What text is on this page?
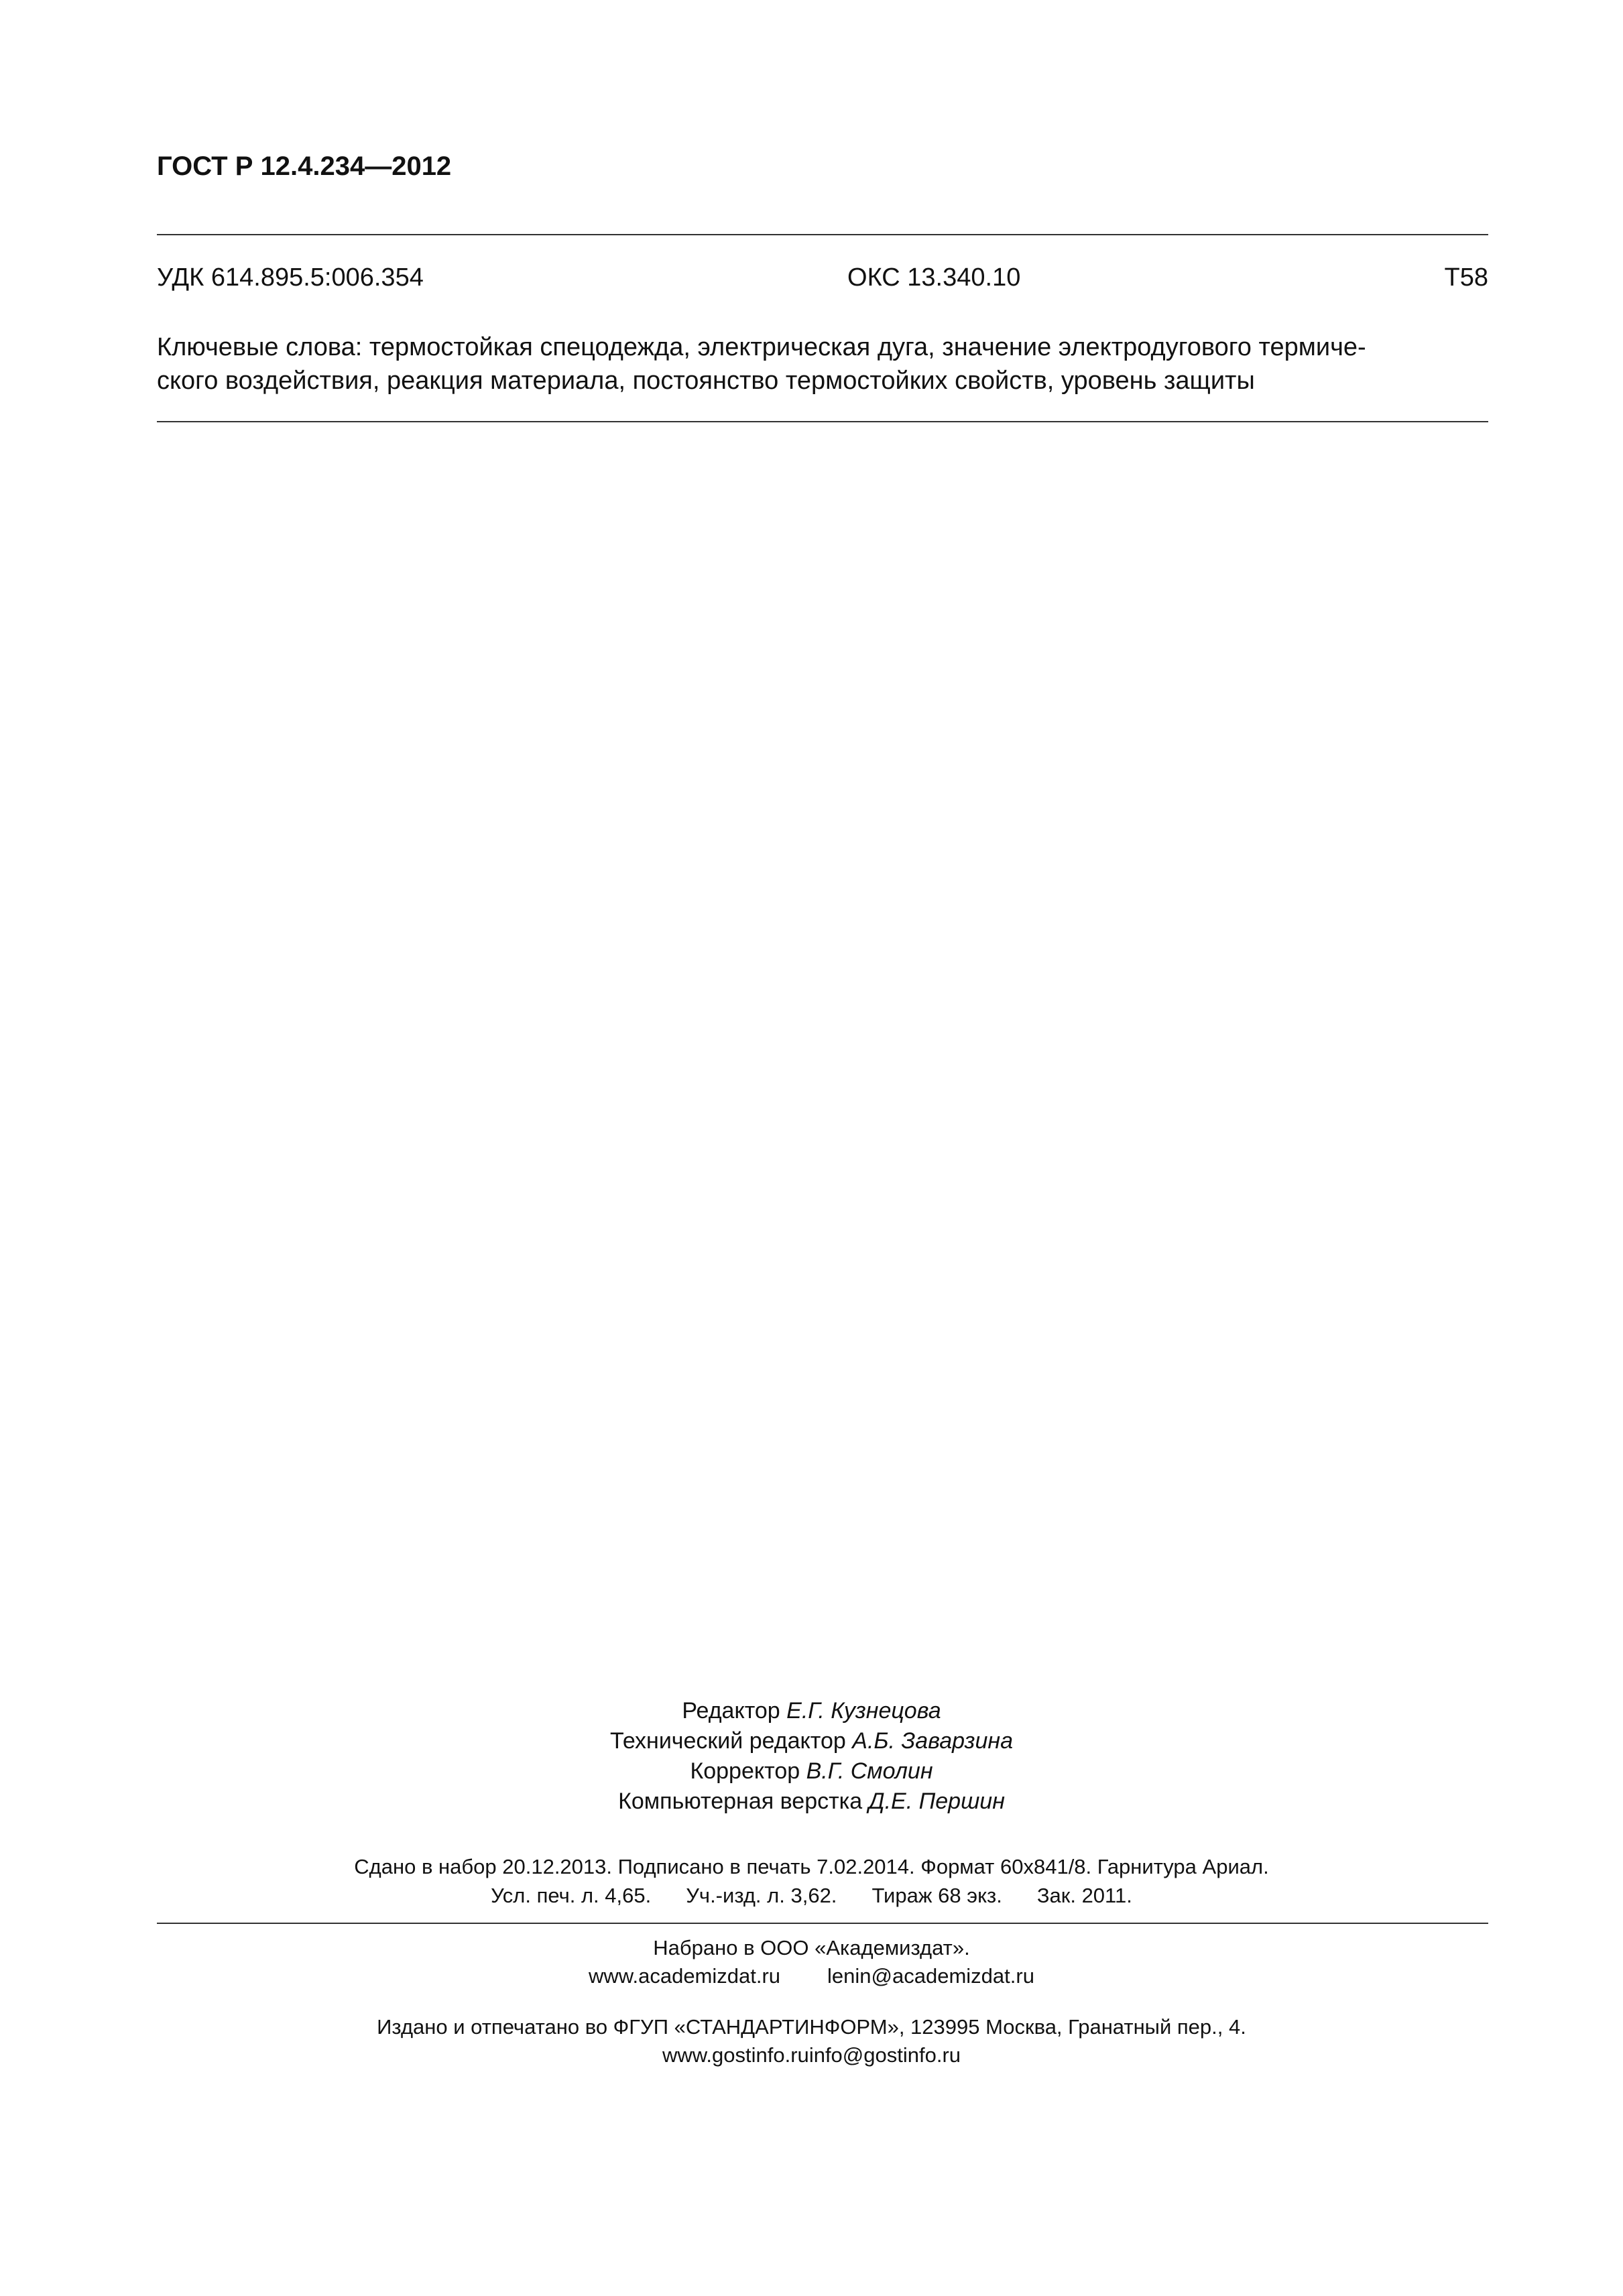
ГОСТ Р 12.4.234—2012
УДК 614.895.5:006.354	ОКС 13.340.10	Т58
Ключевые слова: термостойкая спецодежда, электрическая дуга, значение электродугового термиче-
ского воздействия, реакция материала, постоянство термостойких свойств, уровень защиты
Редактор Е.Г. Кузнецова
Технический редактор А.Б. Заварзина
Корректор В.Г. Смолин
Компьютерная верстка Д.Е. Першин
Сдано в набор 20.12.2013. Подписано в печать 7.02.2014. Формат 60х841/8. Гарнитура Ариал.
Усл. печ. л. 4,65. Уч.-изд. л. 3,62. Тираж 68 экз. Зак. 2011.
Набрано в ООО «Академиздат».
www.academizdat.ru lenin@academizdat.ru
Издано и отпечатано во ФГУП «СТАНДАРТИНФОРМ», 123995 Москва, Гранатный пер., 4.
www.gostinfo.ruinfo@gostinfo.ru
